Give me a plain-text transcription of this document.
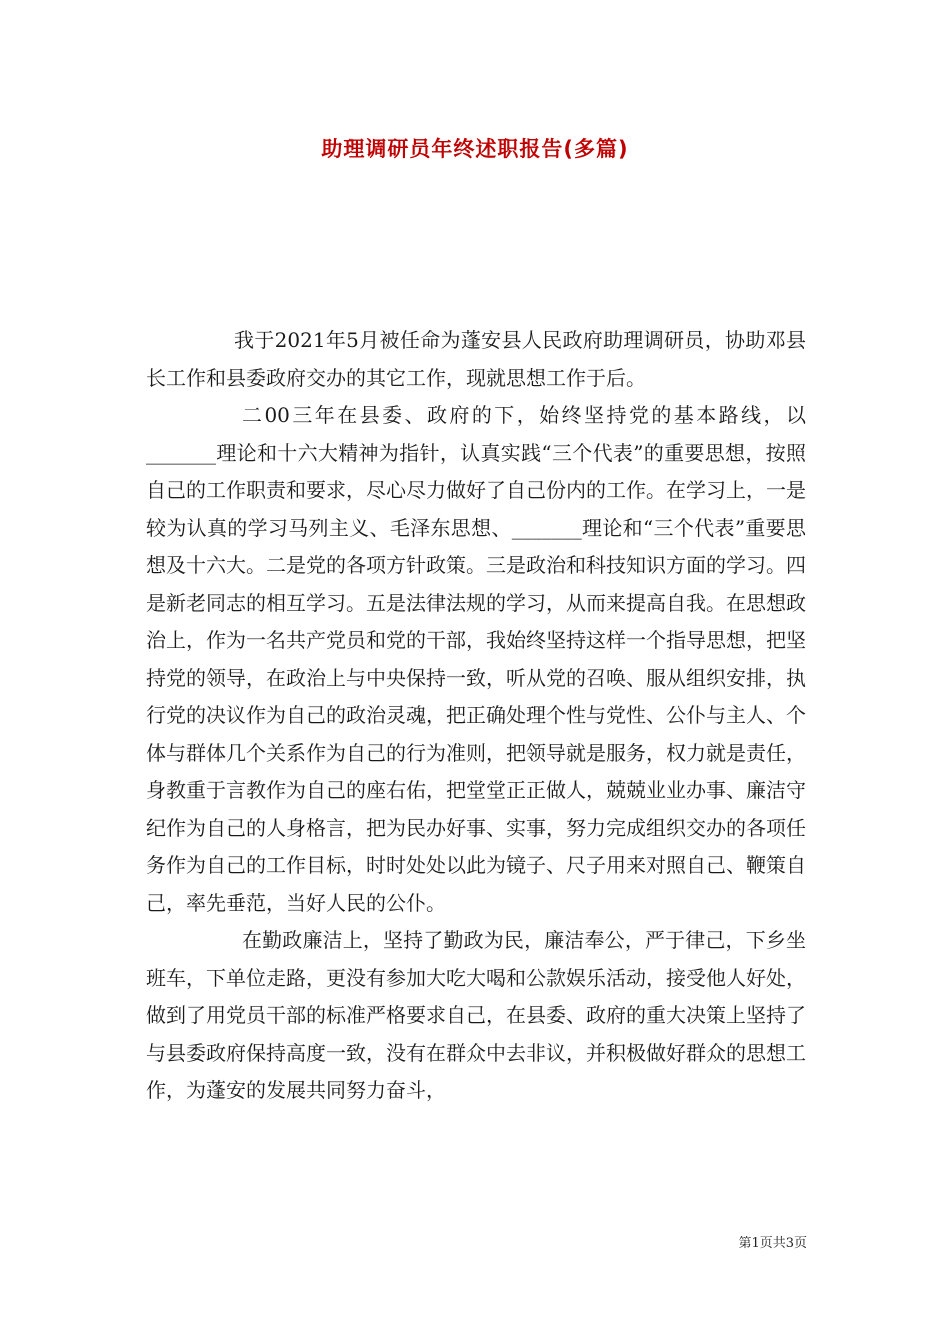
助理调研员年终述职报告(多篇)

我于2021年5月被任命为蓬安县人民政府助理调研员，协助邓县长工作和县委政府交办的其它工作，现就思想工作于后。

二00三年在县委、政府的下，始终坚持党的基本路线，以_______理论和十六大精神为指针，认真实践“三个代表”的重要思想，按照自己的工作职责和要求，尽心尽力做好了自己份内的工作。在学习上，一是较为认真的学习马列主义、毛泽东思想、_______理论和“三个代表”重要思想及十六大。二是党的各项方针政策。三是政治和科技知识方面的学习。四是新老同志的相互学习。五是法律法规的学习，从而来提高自我。在思想政治上，作为一名共产党员和党的干部，我始终坚持这样一个指导思想，把坚持党的领导，在政治上与中央保持一致，听从党的召唤、服从组织安排，执行党的决议作为自己的政治灵魂，把正确处理个性与党性、公仆与主人、个体与群体几个关系作为自己的行为准则，把领导就是服务，权力就是责任，身教重于言教作为自己的座右佑，把堂堂正正做人，兢兢业业办事、廉洁守纪作为自己的人身格言，把为民办好事、实事，努力完成组织交办的各项任务作为自己的工作目标，时时处处以此为镜子、尺子用来对照自己、鞭策自己，率先垂范，当好人民的公仆。

在勤政廉洁上，坚持了勤政为民，廉洁奉公，严于律己，下乡坐班车，下单位走路，更没有参加大吃大喝和公款娱乐活动，接受他人好处，做到了用党员干部的标准严格要求自己，在县委、政府的重大决策上坚持了与县委政府保持高度一致，没有在群众中去非议，并积极做好群众的思想工作，为蓬安的发展共同努力奋斗，

第1页共3页
